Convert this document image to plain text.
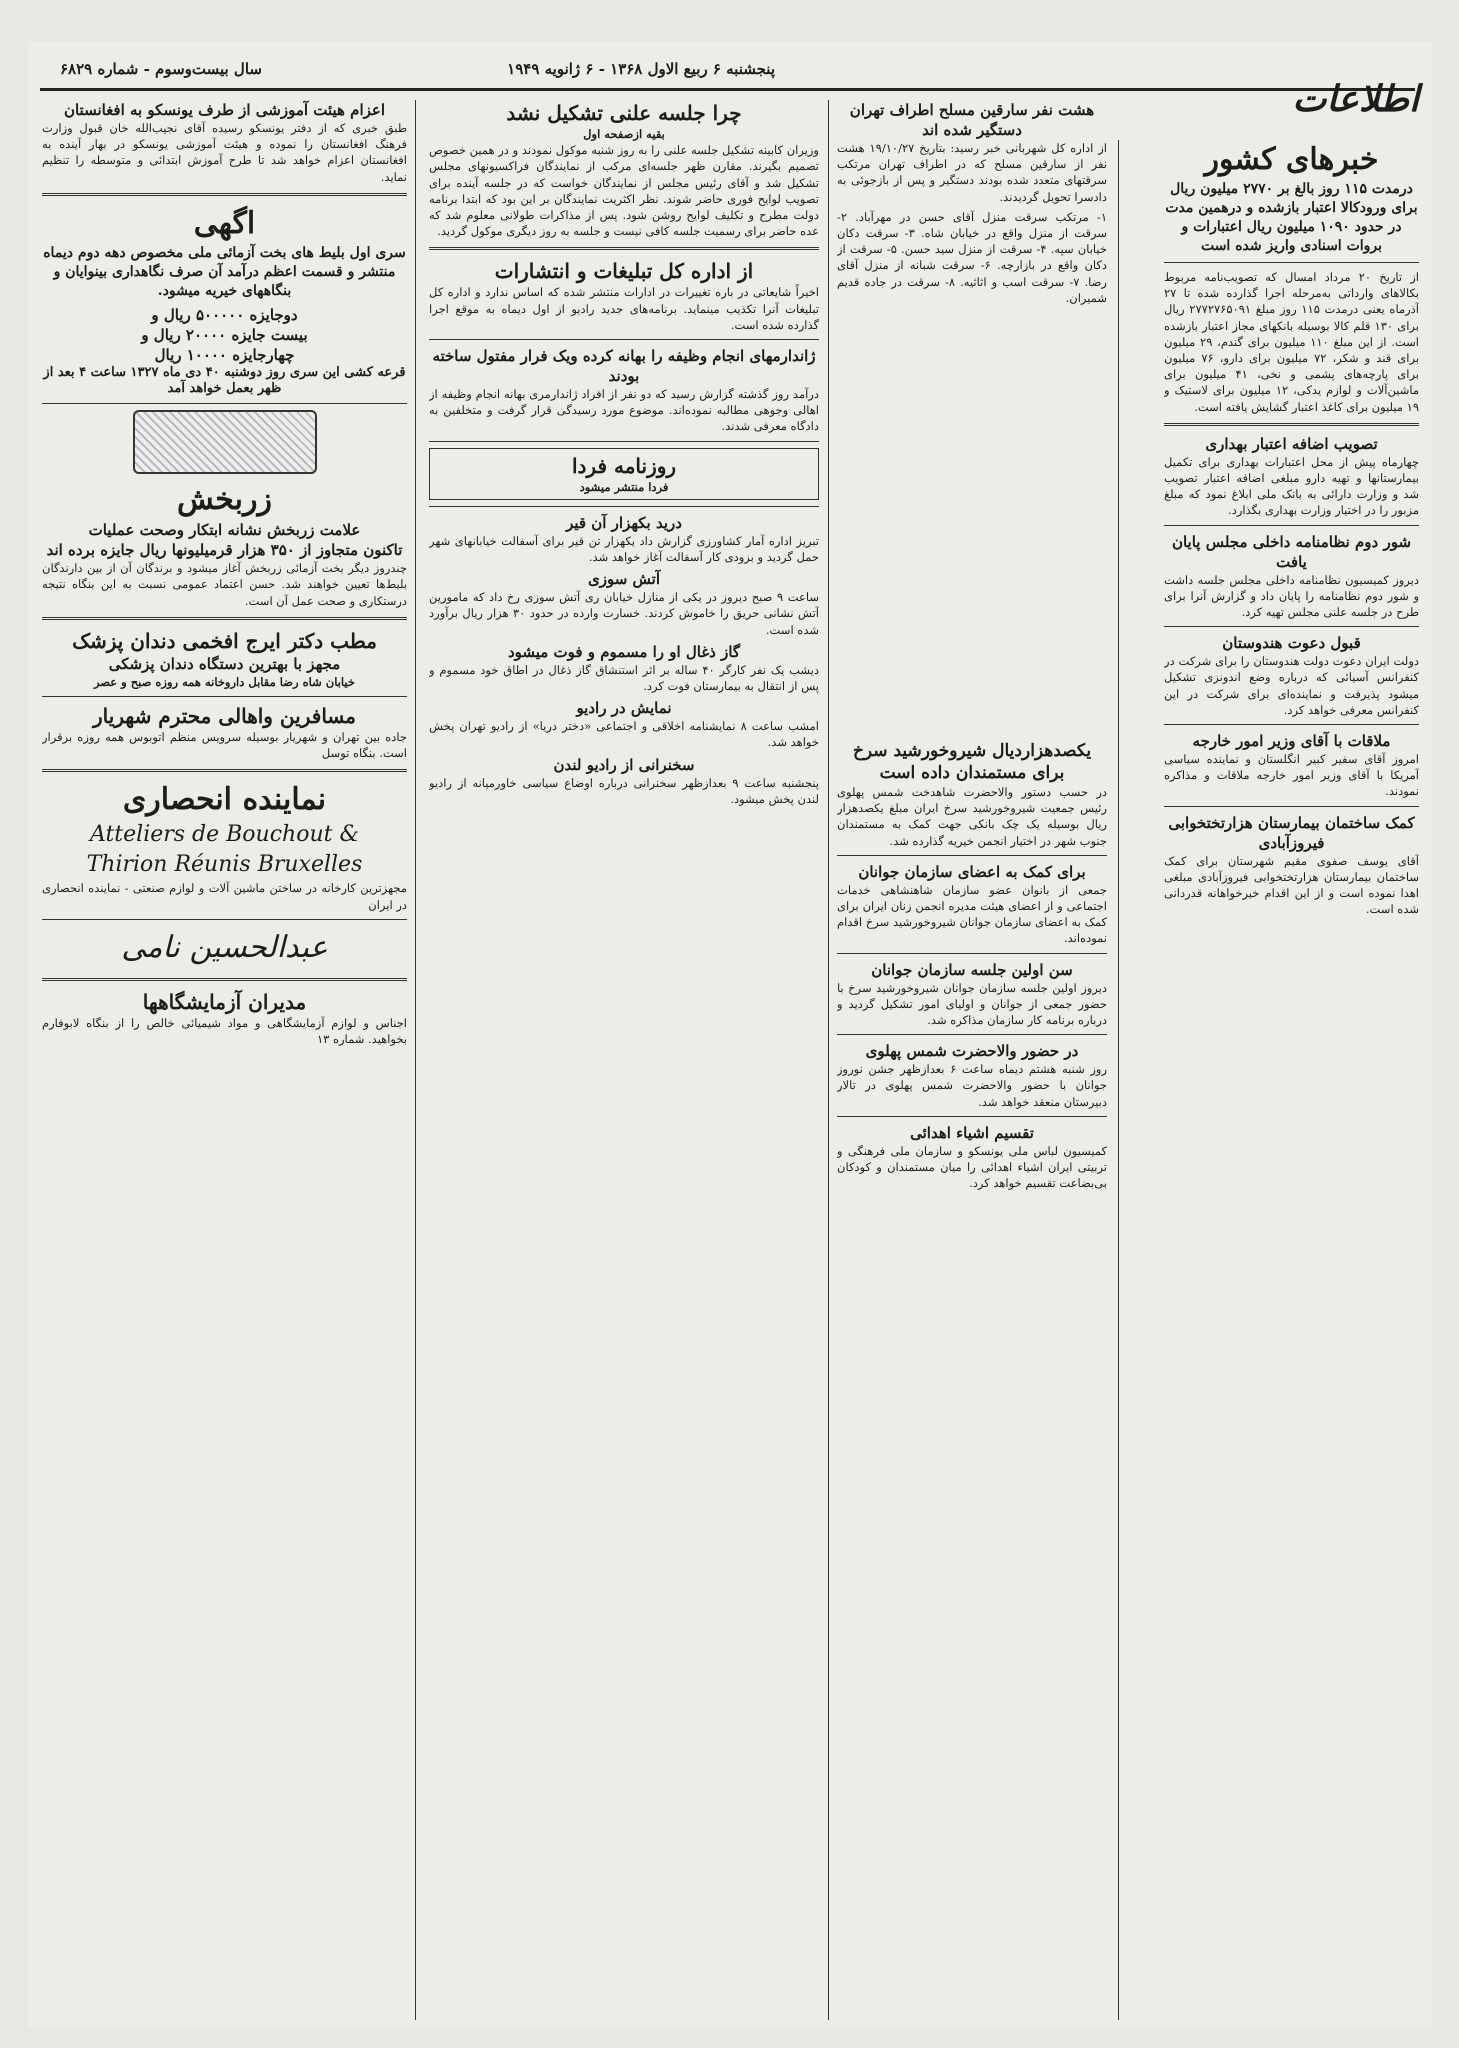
پنجشنبه ۶ ربیع الاول ۱۳۶۸ - ۶ ژانویه ۱۹۴۹
سال بیست‌وسوم - شماره ۶۸۲۹
اطلاعات
خبرهای کشور
درمدت ۱۱۵ روز بالغ بر ۲۷۷۰ میلیون ریال برای ورودکالا اعتبار بازشده و درهمین مدت در حدود ۱۰۹۰ میلیون ریال اعتبارات و بروات اسنادی واریز شده است

از تاریخ ۲۰ مرداد امسال که تصویب‌نامه مربوط بکالاهای وارداتی به‌مرحله اجرا گذارده شده تا ۲۷ آذرماه یعنی درمدت ۱۱۵ روز مبلغ ۲۷۷۲۷۶۵۰۹۱ ریال برای ۱۳۰ قلم کالا بوسیله بانکهای مجاز اعتبار بازشده است. از این مبلغ ۱۱۰ میلیون برای گندم، ۲۹ میلیون برای قند و شکر، ۷۲ میلیون برای دارو، ۷۶ میلیون برای پارچه‌های پشمی و نخی، ۴۱ میلیون برای ماشین‌آلات و لوازم یدکی، ۱۲ میلیون برای لاستیک و ۱۹ میلیون برای کاغذ اعتبار گشایش یافته است.

تصویب اضافه اعتبار بهداری

چهارماه پیش از محل اعتبارات بهداری برای تکمیل بیمارستانها و تهیه دارو مبلغی اضافه اعتبار تصویب شد و وزارت دارائی به بانک ملی ابلاغ نمود که مبلغ مزبور را در اختیار وزارت بهداری بگذارد.

شور دوم نظامنامه داخلی مجلس پایان یافت

دیروز کمیسیون نظامنامه داخلی مجلس جلسه داشت و شور دوم نظامنامه را پایان داد و گزارش آنرا برای طرح در جلسه علنی مجلس تهیه کرد.

قبول دعوت هندوستان

دولت ایران دعوت دولت هندوستان را برای شرکت در کنفرانس آسیائی که درباره وضع اندونزی تشکیل میشود پذیرفت و نماینده‌ای برای شرکت در این کنفرانس معرفی خواهد کرد.

ملاقات با آقای وزیر امور خارجه

امروز آقای سفیر کبیر انگلستان و نماینده سیاسی آمریکا با آقای وزیر امور خارجه ملاقات و مذاکره نمودند.

کمک ساختمان بیمارستان هزارتختخوابی فیروزآبادی

آقای یوسف صفوی مقیم شهرستان برای کمک ساختمان بیمارستان هزارتختخوابی فیروزآبادی مبلغی اهدا نموده است و از این اقدام خیرخواهانه قدردانی شده است.

یکصدهزاردیال شیروخورشید سرخ برای مستمندان داده است

در حسب دستور والاحضرت شاهدخت شمس پهلوی رئیس جمعیت شیروخورشید سرخ ایران مبلغ یکصدهزار ریال بوسیله یک چک بانکی جهت کمک به مستمندان جنوب شهر در اختیار انجمن خیریه گذارده شد.

برای کمک به اعضای سازمان جوانان

جمعی از بانوان عضو سازمان شاهنشاهی خدمات اجتماعی و از اعضای هیئت مدیره انجمن زنان ایران برای کمک به اعضای سازمان جوانان شیروخورشید سرخ اقدام نموده‌اند.

سن اولین جلسه سازمان جوانان

دیروز اولین جلسه سازمان جوانان شیروخورشید سرخ با حضور جمعی از جوانان و اولیای امور تشکیل گردید و درباره برنامه کار سازمان مذاکره شد.

در حضور والاحضرت شمس پهلوی

روز شنبه هشتم دیماه ساعت ۶ بعدازظهر جشن نوروز جوانان با حضور والاحضرت شمس پهلوی در تالار دبیرستان منعقد خواهد شد.

تقسیم اشیاء اهدائی

کمیسیون لباس ملی یونسکو و سازمان ملی فرهنگی و تربیتی ایران اشیاء اهدائی را میان مستمندان و کودکان بی‌بضاعت تقسیم خواهد کرد.

هشت نفر سارقین مسلح اطراف تهران دستگیر شده اند

از اداره کل شهربانی خبر رسید: بتاریخ ۱۹/۱۰/۲۷ هشت نفر از سارقین مسلح که در اطراف تهران مرتکب سرقتهای متعدد شده بودند دستگیر و پس از بازجوئی به دادسرا تحویل گردیدند.

۱- مرتکب سرقت منزل آقای حسن در مهرآباد. ۲- سرقت از منزل واقع در خیابان شاه. ۳- سرقت دکان خیابان سپه. ۴- سرقت از منزل سید حسن. ۵- سرقت از دکان واقع در بازارچه. ۶- سرقت شبانه از منزل آقای رضا. ۷- سرقت اسب و اثاثیه. ۸- سرقت در جاده قدیم شمیران.

چرا جلسه علنی تشکیل نشد
بقیه ازصفحه اول

وزیران کابینه تشکیل جلسه علنی را به روز شنبه موکول نمودند و در همین خصوص تصمیم بگیرند. مقارن ظهر جلسه‌ای مرکب از نمایندگان فراکسیونهای مجلس تشکیل شد و آقای رئیس مجلس از نمایندگان خواست که در جلسه آینده برای تصویب لوایح فوری حاضر شوند. نظر اکثریت نمایندگان بر این بود که ابتدا برنامه دولت مطرح و تکلیف لوایح روشن شود. پس از مذاکرات طولانی معلوم شد که عده حاضر برای رسمیت جلسه کافی نیست و جلسه به روز دیگری موکول گردید.

از اداره کل تبلیغات و انتشارات

اخیراً شایعاتی در باره تغییرات در ادارات منتشر شده که اساس ندارد و اداره کل تبلیغات آنرا تکذیب مینماید. برنامه‌های جدید رادیو از اول دیماه به موقع اجرا گذارده شده است.

ژاندارمهای انجام وظیفه را بهانه کرده ویک فرار مفتول ساخته بودند

درآمد روز گذشته گزارش رسید که دو نفر از افراد ژاندارمری بهانه انجام وظیفه از اهالی وجوهی مطالبه نموده‌اند. موضوع مورد رسیدگی قرار گرفت و متخلفین به دادگاه معرفی شدند.

روزنامه فردا
فردا منتشر میشود
درید بکهزار آن قیر

تبریز اداره آمار کشاورزی گزارش داد یکهزار تن قیر برای آسفالت خیابانهای شهر حمل گردید و بزودی کار آسفالت آغاز خواهد شد.

آتش سوزی

ساعت ۹ صبح دیروز در یکی از منازل خیابان ری آتش سوزی رخ داد که مامورین آتش نشانی حریق را خاموش کردند. خسارت وارده در حدود ۳۰ هزار ریال برآورد شده است.

گاز ذغال او را مسموم و فوت میشود

دیشب یک نفر کارگر ۴۰ ساله بر اثر استنشاق گاز ذغال در اطاق خود مسموم و پس از انتقال به بیمارستان فوت کرد.

نمایش در رادیو

امشب ساعت ۸ نمایشنامه اخلاقی و اجتماعی «دختر دریا» از رادیو تهران پخش خواهد شد.

سخنرانی از رادیو لندن

پنجشنبه ساعت ۹ بعدازظهر سخنرانی درباره اوضاع سیاسی خاورمیانه از رادیو لندن پخش میشود.

اعزام هیئت آموزشی از طرف یونسکو به افغانستان

طبق خبری که از دفتر یونسکو رسیده آقای نجیب‌الله خان قبول وزارت فرهنگ افغانستان را نموده و هیئت آموزشی یونسکو در بهار آینده به افغانستان اعزام خواهد شد تا طرح آموزش ابتدائی و متوسطه را تنظیم نماید.

اگهی

سری اول بلیط های بخت آزمائی ملی مخصوص دهه دوم دیماه منتشر و قسمت اعظم درآمد آن صرف نگاهداری بینوایان و بنگاههای خیریه میشود.

دوجایزه ۵۰۰۰۰۰ ریال و
بیست جایزه ۲۰۰۰۰ ریال و
چهارجایزه ۱۰۰۰۰ ریال

قرعه کشی این سری روز دوشنبه ۴۰ دی ماه ۱۳۲۷ ساعت ۴ بعد از ظهر بعمل خواهد آمد

زربخش
علامت زربخش نشانه ابتکار وصحت عملیات
تاکنون متجاوز از ۳۵۰ هزار قرمیلیونها ریال جایزه برده اند

چندروز دیگر بخت آزمائی زربخش آغاز میشود و برندگان آن از بین دارندگان بلیط‌ها تعیین خواهند شد. حسن اعتماد عمومی نسبت به این بنگاه نتیجه درستکاری و صحت عمل آن است.

مطب دکتر ایرج افخمی دندان پزشک
مجهز با بهترین دستگاه دندان پزشکی
خیابان شاه رضا مقابل داروخانه همه روزه صبح و عصر
مسافرین واهالی محترم شهریار

جاده بین تهران و شهریار بوسیله سرویس منظم اتوبوس همه روزه برقرار است. بنگاه توسل

نماینده انحصاری
Atteliers de Bouchout &
Thirion Réunis Bruxelles

مجهزترین کارخانه در ساختن ماشین آلات و لوازم صنعتی - نماینده انحصاری در ایران

عبدالحسین نامی
مدیران آزمایشگاهها

اجناس و لوازم آزمایشگاهی و مواد شیمیائی خالص را از بنگاه لابوفارم بخواهید. شماره ۱۳
